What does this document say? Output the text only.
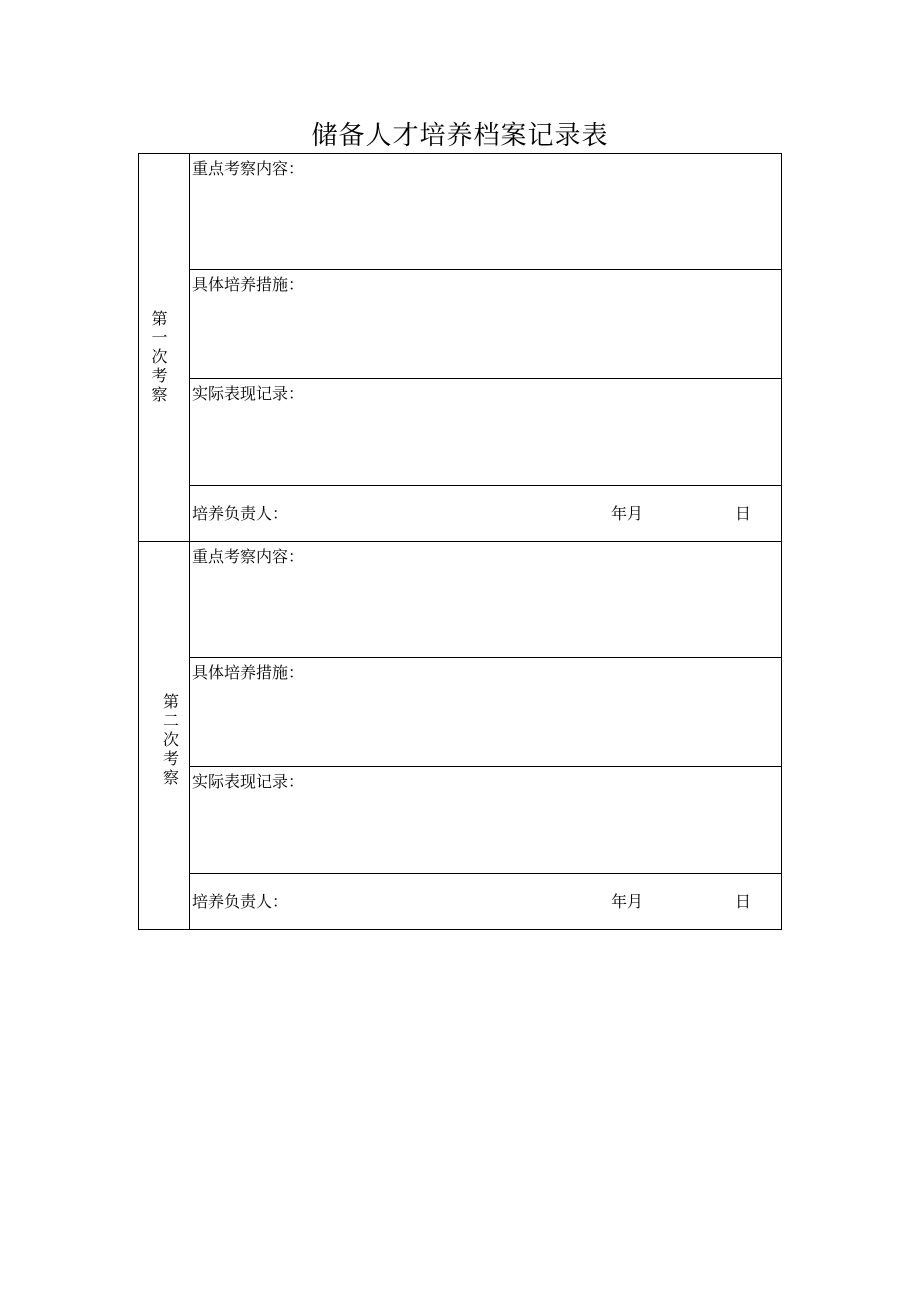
储备人才培养档案记录表
第一次考察	重点考察内容：

	具体培养措施：

	实际表现记录：

	培养负责人： 年月 日

第二次考察	重点考察内容：

	具体培养措施：

	实际表现记录：

	培养负责人： 年月 日
